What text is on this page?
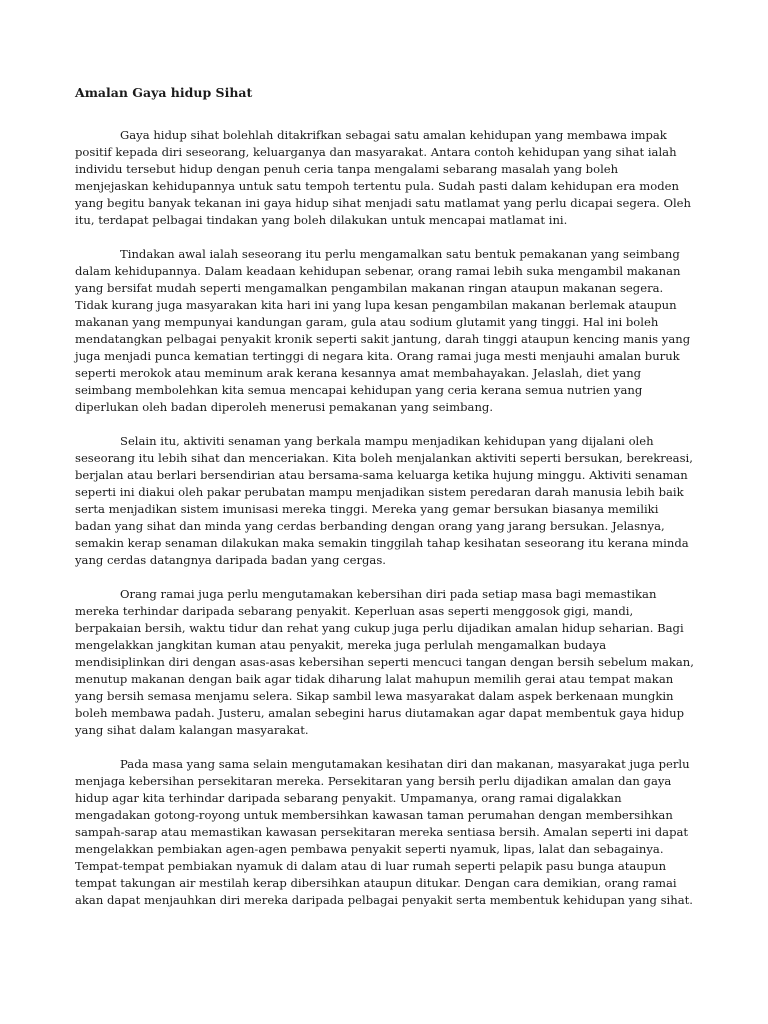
Amalan Gaya hidup Sihat

Gaya hidup sihat bolehlah ditakrifkan sebagai satu amalan kehidupan yang membawa impak positif kepada diri seseorang, keluarganya dan masyarakat. Antara contoh kehidupan yang sihat ialah individu tersebut hidup dengan penuh ceria tanpa mengalami sebarang masalah yang boleh menjejaskan kehidupannya untuk satu tempoh tertentu pula. Sudah pasti dalam kehidupan era moden yang begitu banyak tekanan ini gaya hidup sihat menjadi satu matlamat yang perlu dicapai segera. Oleh itu, terdapat pelbagai tindakan yang boleh dilakukan untuk mencapai matlamat ini.

Tindakan awal ialah seseorang itu perlu mengamalkan satu bentuk pemakanan yang seimbang dalam kehidupannya. Dalam keadaan kehidupan sebenar, orang ramai lebih suka mengambil makanan yang bersifat mudah seperti mengamalkan pengambilan makanan ringan ataupun makanan segera. Tidak kurang juga masyarakan kita hari ini yang lupa kesan pengambilan makanan berlemak ataupun makanan yang mempunyai kandungan garam, gula atau sodium glutamit yang tinggi. Hal ini boleh mendatangkan pelbagai penyakit kronik seperti sakit jantung, darah tinggi ataupun kencing manis yang juga menjadi punca kematian tertinggi di negara kita. Orang ramai juga mesti menjauhi amalan buruk seperti merokok atau meminum arak kerana kesannya amat membahayakan. Jelaslah, diet yang seimbang membolehkan kita semua mencapai kehidupan yang ceria kerana semua nutrien yang diperlukan oleh badan diperoleh menerusi pemakanan yang seimbang.

Selain itu, aktiviti senaman yang berkala mampu menjadikan kehidupan yang dijalani oleh seseorang itu lebih sihat dan menceriakan. Kita boleh menjalankan aktiviti seperti bersukan, berekreasi, berjalan atau berlari bersendirian atau bersama-sama keluarga ketika hujung minggu. Aktiviti senaman seperti ini diakui oleh pakar perubatan mampu menjadikan sistem peredaran darah manusia lebih baik serta menjadikan sistem imunisasi mereka tinggi. Mereka yang gemar bersukan biasanya memiliki badan yang sihat dan minda yang cerdas berbanding dengan orang yang jarang bersukan. Jelasnya, semakin kerap senaman dilakukan maka semakin tinggilah tahap kesihatan seseorang itu kerana minda yang cerdas datangnya daripada badan yang cergas.

Orang ramai juga perlu mengutamakan kebersihan diri pada setiap masa bagi memastikan mereka terhindar daripada sebarang penyakit. Keperluan asas seperti menggosok gigi, mandi, berpakaian bersih, waktu tidur dan rehat yang cukup juga perlu dijadikan amalan hidup seharian. Bagi mengelakkan jangkitan kuman atau penyakit, mereka juga perlulah mengamalkan budaya mendisiplinkan diri dengan asas-asas kebersihan seperti mencuci tangan dengan bersih sebelum makan, menutup makanan dengan baik agar tidak diharung lalat mahupun memilih gerai atau tempat makan yang bersih semasa menjamu selera. Sikap sambil lewa masyarakat dalam aspek berkenaan mungkin boleh membawa padah. Justeru, amalan sebegini harus diutamakan agar dapat membentuk gaya hidup yang sihat dalam kalangan masyarakat.

Pada masa yang sama selain mengutamakan kesihatan diri dan makanan, masyarakat juga perlu menjaga kebersihan persekitaran mereka. Persekitaran yang bersih perlu dijadikan amalan dan gaya hidup agar kita terhindar daripada sebarang penyakit. Umpamanya, orang ramai digalakkan mengadakan gotong-royong untuk membersihkan kawasan taman perumahan dengan membersihkan sampah-sarap atau memastikan kawasan persekitaran mereka sentiasa bersih. Amalan seperti ini dapat mengelakkan pembiakan agen-agen pembawa penyakit seperti nyamuk, lipas, lalat dan sebagainya. Tempat-tempat pembiakan nyamuk di dalam atau di luar rumah seperti pelapik pasu bunga ataupun tempat takungan air mestilah kerap dibersihkan ataupun ditukar. Dengan cara demikian, orang ramai akan dapat menjauhkan diri mereka daripada pelbagai penyakit serta membentuk kehidupan yang sihat.
